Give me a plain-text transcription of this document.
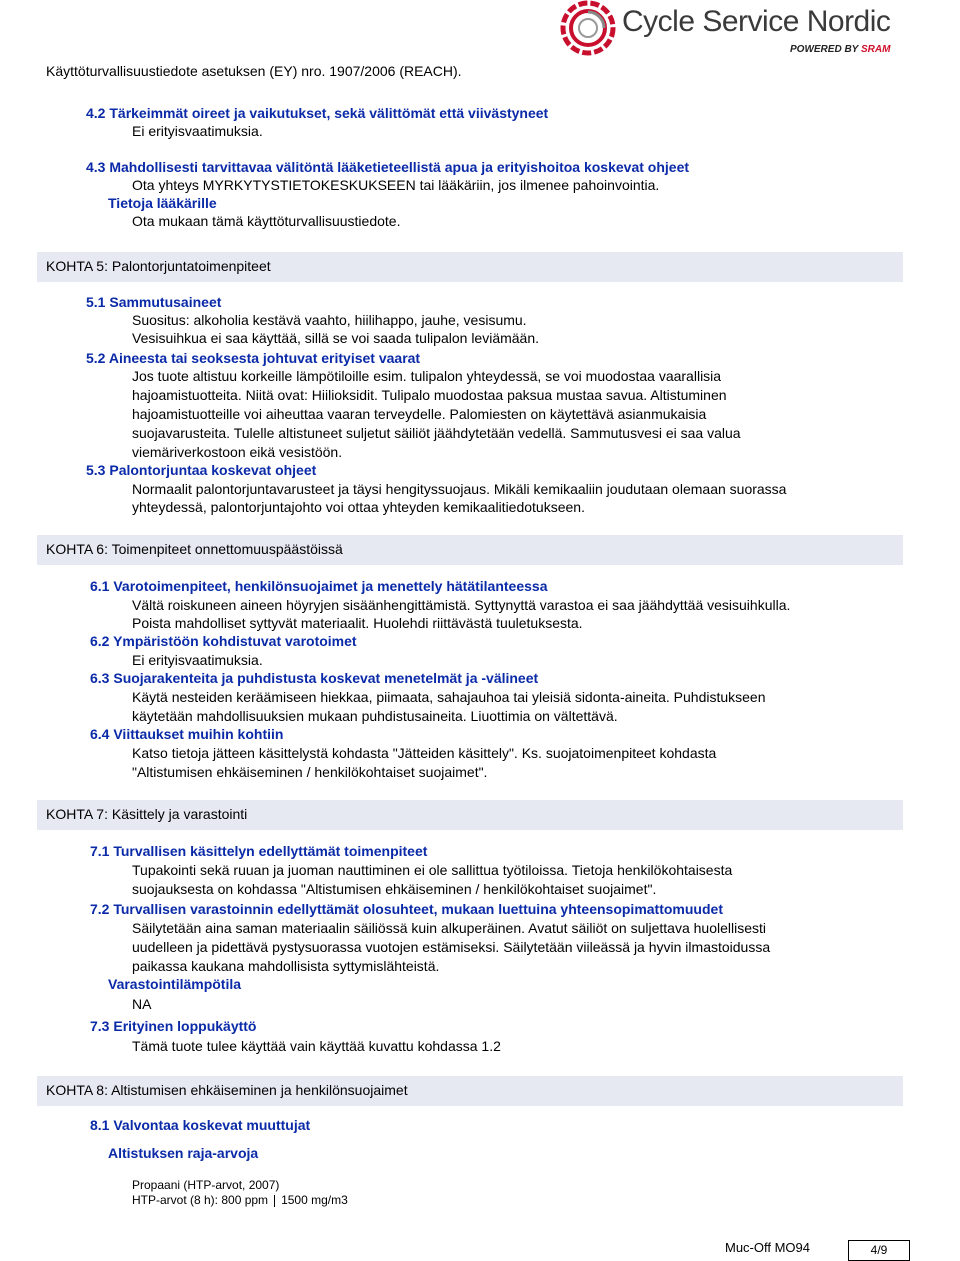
Käyttöturvallisuustiedote asetuksen (EY) nro. 1907/2006 (REACH).
Cycle Service Nordic
POWERED BY SRAM
4.2 Tärkeimmät oireet ja vaikutukset, sekä välittömät että viivästyneet
Ei erityisvaatimuksia.
4.3 Mahdollisesti tarvittavaa välitöntä lääketieteellistä apua ja erityishoitoa koskevat ohjeet
Ota yhteys MYRKYTYSTIETOKESKUKSEEN tai lääkäriin, jos ilmenee pahoinvointia.
Tietoja lääkärille
Ota mukaan tämä käyttöturvallisuustiedote.
KOHTA 5: Palontorjuntatoimenpiteet
5.1 Sammutusaineet
Suositus: alkoholia kestävä vaahto, hiilihappo, jauhe, vesisumu.
Vesisuihkua ei saa käyttää, sillä se voi saada tulipalon leviämään.
5.2 Aineesta tai seoksesta johtuvat erityiset vaarat
Jos tuote altistuu korkeille lämpötiloille esim. tulipalon yhteydessä, se voi muodostaa vaarallisia
hajoamistuotteita. Niitä ovat: Hiilioksidit. Tulipalo muodostaa paksua mustaa savua. Altistuminen
hajoamistuotteille voi aiheuttaa vaaran terveydelle. Palomiesten on käytettävä asianmukaisia
suojavarusteita. Tulelle altistuneet suljetut säiliöt jäähdytetään vedellä. Sammutusvesi ei saa valua
viemäriverkostoon eikä vesistöön.
5.3 Palontorjuntaa koskevat ohjeet
Normaalit palontorjuntavarusteet ja täysi hengityssuojaus. Mikäli kemikaaliin joudutaan olemaan suorassa
yhteydessä, palontorjuntajohto voi ottaa yhteyden kemikaalitiedotukseen.
KOHTA 6: Toimenpiteet onnettomuuspäästöissä
6.1 Varotoimenpiteet, henkilönsuojaimet ja menettely hätätilanteessa
Vältä roiskuneen aineen höyryjen sisäänhengittämistä. Syttynyttä varastoa ei saa jäähdyttää vesisuihkulla.
Poista mahdolliset syttyvät materiaalit. Huolehdi riittävästä tuuletuksesta.
6.2 Ympäristöön kohdistuvat varotoimet
Ei erityisvaatimuksia.
6.3 Suojarakenteita ja puhdistusta koskevat menetelmät ja -välineet
Käytä nesteiden keräämiseen hiekkaa, piimaata, sahajauhoa tai yleisiä sidonta-aineita. Puhdistukseen
käytetään mahdollisuuksien mukaan puhdistusaineita. Liuottimia on vältettävä.
6.4 Viittaukset muihin kohtiin
Katso tietoja jätteen käsittelystä kohdasta "Jätteiden käsittely". Ks. suojatoimenpiteet kohdasta
"Altistumisen ehkäiseminen / henkilökohtaiset suojaimet".
KOHTA 7: Käsittely ja varastointi
7.1 Turvallisen käsittelyn edellyttämät toimenpiteet
Tupakointi sekä ruuan ja juoman nauttiminen ei ole sallittua työtiloissa. Tietoja henkilökohtaisesta
suojauksesta on kohdassa "Altistumisen ehkäiseminen / henkilökohtaiset suojaimet".
7.2 Turvallisen varastoinnin edellyttämät olosuhteet, mukaan luettuina yhteensopimattomuudet
Säilytetään aina saman materiaalin säiliössä kuin alkuperäinen. Avatut säiliöt on suljettava huolellisesti
uudelleen ja pidettävä pystysuorassa vuotojen estämiseksi. Säilytetään viileässä ja hyvin ilmastoidussa
paikassa kaukana mahdollisista syttymislähteistä.
Varastointilämpötila
NA
7.3 Erityinen loppukäyttö
Tämä tuote tulee käyttää vain käyttää kuvattu kohdassa 1.2
KOHTA 8: Altistumisen ehkäiseminen ja henkilönsuojaimet
8.1 Valvontaa koskevat muuttujat
Altistuksen raja-arvoja
Propaani (HTP-arvot, 2007)
HTP-arvot (8 h): 800 ppm 1500 mg/m3
Muc-Off MO94	4/9
